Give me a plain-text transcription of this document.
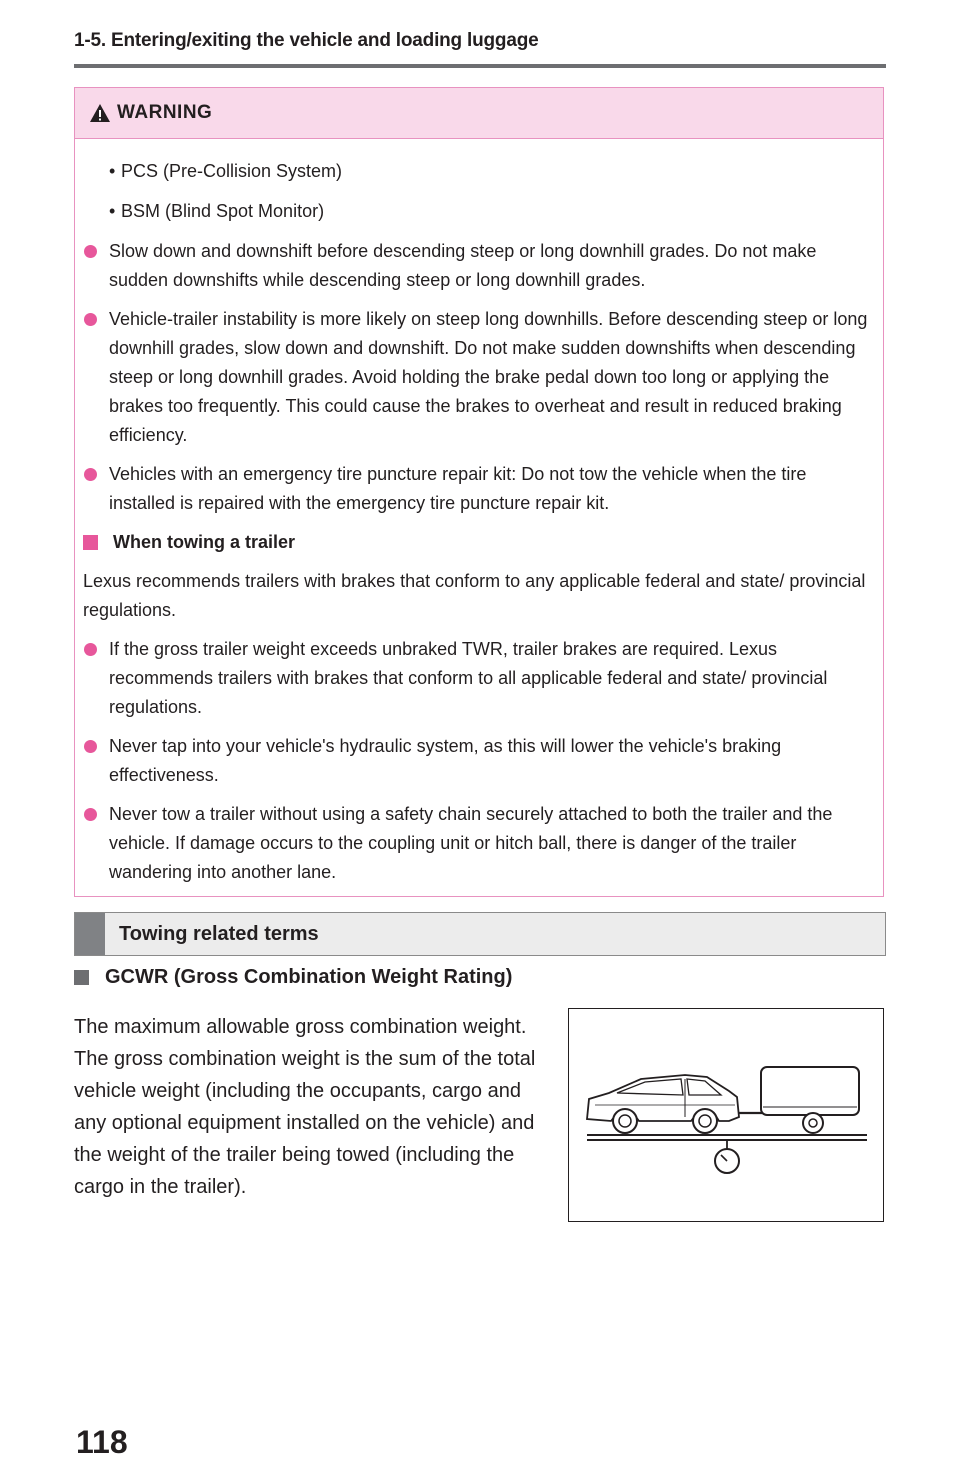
1-5. Entering/exiting the vehicle and loading luggage
WARNING
• PCS (Pre-Collision System)
• BSM (Blind Spot Monitor)
Slow down and downshift before descending steep or long downhill grades. Do not make sudden downshifts while descending steep or long downhill grades.
Vehicle-trailer instability is more likely on steep long downhills. Before descending steep or long downhill grades, slow down and downshift. Do not make sudden downshifts when descending steep or long downhill grades. Avoid holding the brake pedal down too long or applying the brakes too frequently. This could cause the brakes to overheat and result in reduced braking efficiency.
Vehicles with an emergency tire puncture repair kit: Do not tow the vehicle when the tire installed is repaired with the emergency tire puncture repair kit.
When towing a trailer
Lexus recommends trailers with brakes that conform to any applicable federal and state/ provincial regulations.
If the gross trailer weight exceeds unbraked TWR, trailer brakes are required. Lexus recommends trailers with brakes that conform to all applicable federal and state/ provincial regulations.
Never tap into your vehicle's hydraulic system, as this will lower the vehicle's braking effectiveness.
Never tow a trailer without using a safety chain securely attached to both the trailer and the vehicle. If damage occurs to the coupling unit or hitch ball, there is danger of the trailer wandering into another lane.
Towing related terms
GCWR (Gross Combination Weight Rating)
The maximum allowable gross combination weight. The gross combination weight is the sum of the total vehicle weight (including the occupants, cargo and any optional equipment installed on the vehicle) and the weight of the trailer being towed (including the cargo in the trailer).
118
